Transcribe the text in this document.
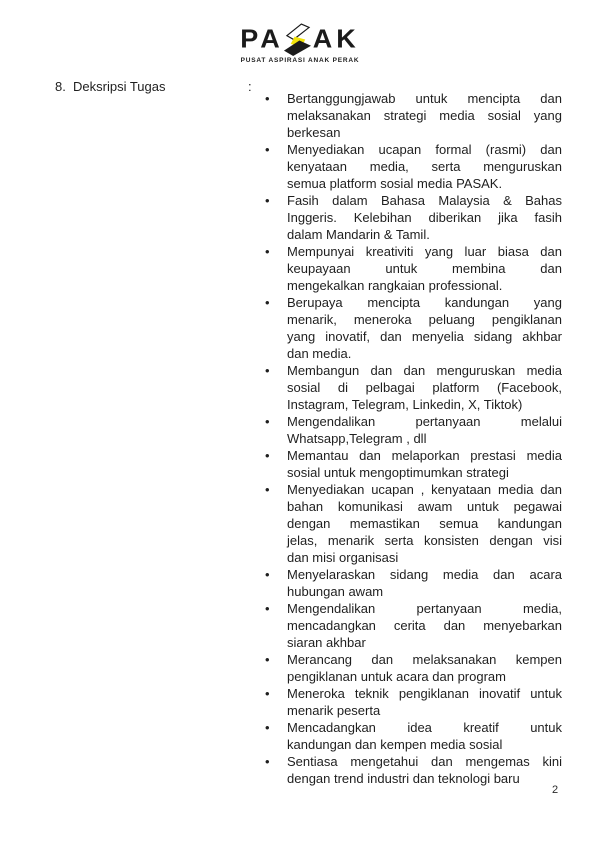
PA AK
PUSAT ASPIRASI ANAK PERAK
8. Deksripsi Tugas	:
•	Bertanggungjawab untuk mencipta dan
melaksanakan strategi media sosial yang
berkesan
•	Menyediakan ucapan formal (rasmi) dan
kenyataan media, serta menguruskan
semua platform sosial media PASAK.
•	Fasih dalam Bahasa Malaysia & Bahas
Inggeris. Kelebihan diberikan jika fasih
dalam Mandarin & Tamil.
•	Mempunyai kreativiti yang luar biasa dan
keupayaan untuk membina dan
mengekalkan rangkaian professional.
•	Berupaya mencipta kandungan yang
menarik, meneroka peluang pengiklanan
yang inovatif, dan menyelia sidang akhbar
dan media.
•	Membangun dan dan menguruskan media
sosial di pelbagai platform (Facebook,
Instagram, Telegram, Linkedin, X, Tiktok)
•	Mengendalikan pertanyaan melalui
Whatsapp,Telegram , dll
•	Memantau dan melaporkan prestasi media
sosial untuk mengoptimumkan strategi
•	Menyediakan ucapan , kenyataan media dan
bahan komunikasi awam untuk pegawai
dengan memastikan semua kandungan
jelas, menarik serta konsisten dengan visi
dan misi organisasi
•	Menyelaraskan sidang media dan acara
hubungan awam
•	Mengendalikan pertanyaan media,
mencadangkan cerita dan menyebarkan
siaran akhbar
•	Merancang dan melaksanakan kempen
pengiklanan untuk acara dan program
•	Meneroka teknik pengiklanan inovatif untuk
menarik peserta
•	Mencadangkan idea kreatif untuk
kandungan dan kempen media sosial
•	Sentiasa mengetahui dan mengemas kini
dengan trend industri dan teknologi baru
2
